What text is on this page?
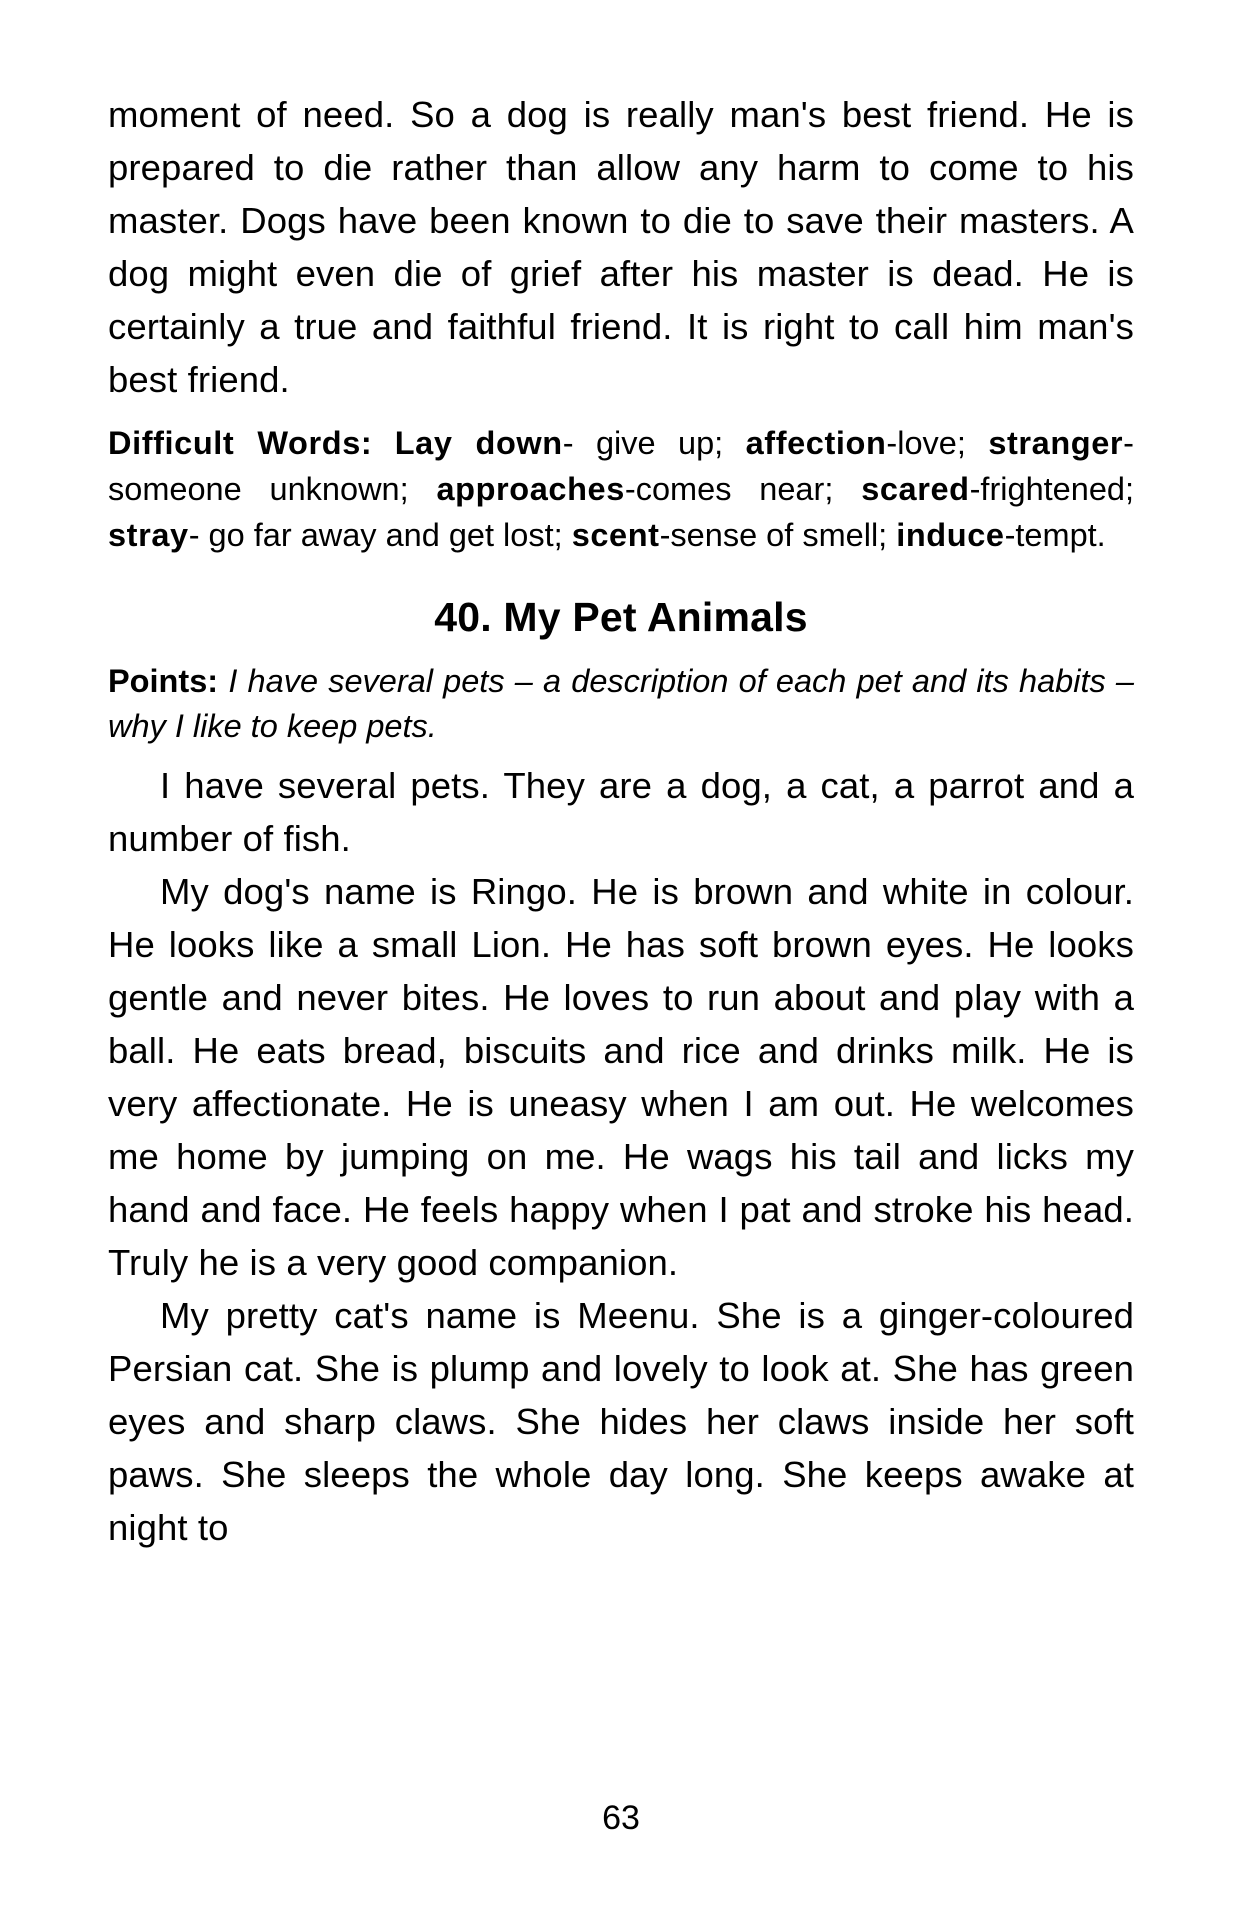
moment of need. So a dog is really man's best friend. He is prepared to die rather than allow any harm to come to his master. Dogs have been known to die to save their masters. A dog might even die of grief after his master is dead. He is certainly a true and faithful friend. It is right to call him man's best friend.

Difficult Words: Lay down- give up; affection-love; stranger-someone unknown; approaches-comes near; scared-frightened; stray- go far away and get lost; scent-sense of smell; induce-tempt.

40. My Pet Animals

Points: I have several pets – a description of each pet and its habits – why I like to keep pets.

I have several pets. They are a dog, a cat, a parrot and a number of fish.

My dog's name is Ringo. He is brown and white in colour. He looks like a small Lion. He has soft brown eyes. He looks gentle and never bites. He loves to run about and play with a ball. He eats bread, biscuits and rice and drinks milk. He is very affectionate. He is uneasy when I am out. He welcomes me home by jumping on me. He wags his tail and licks my hand and face. He feels happy when I pat and stroke his head. Truly he is a very good companion.

My pretty cat's name is Meenu. She is a ginger-coloured Persian cat. She is plump and lovely to look at. She has green eyes and sharp claws. She hides her claws inside her soft paws. She sleeps the whole day long. She keeps awake at night to

63
